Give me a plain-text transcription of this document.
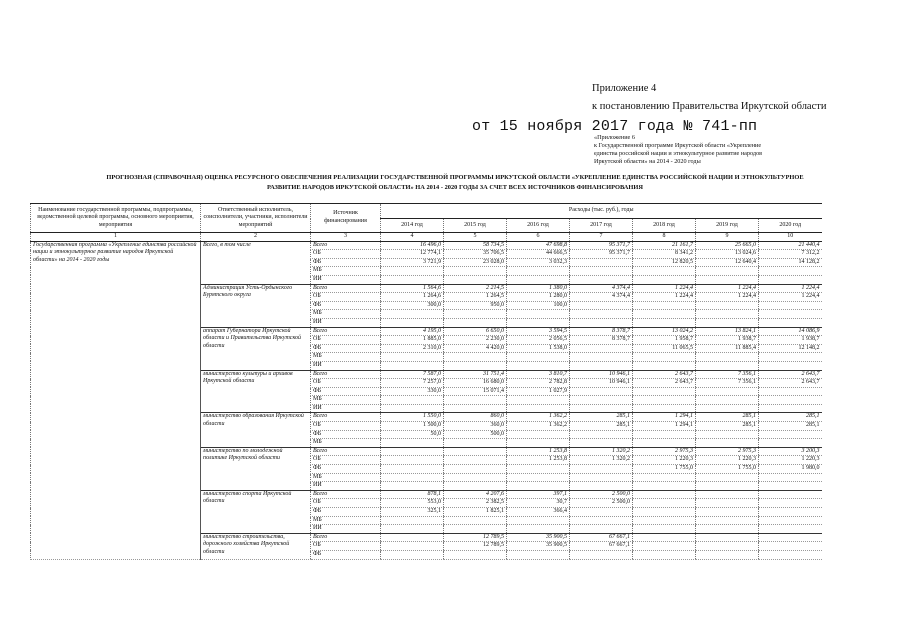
Приложение 4
к постановлению Правительства Иркутской области
от 15 ноября 2017 года № 741-пп
«Приложение 6
к Государственной программе Иркутской области «Укрепление
единства российской нации и этнокультурное развитие народов
Иркутской области» на 2014 - 2020 годы
ПРОГНОЗНАЯ (СПРАВОЧНАЯ) ОЦЕНКА РЕСУРСНОГО ОБЕСПЕЧЕНИЯ РЕАЛИЗАЦИИ ГОСУДАРСТВЕННОЙ ПРОГРАММЫ ИРКУТСКОЙ ОБЛАСТИ «УКРЕПЛЕНИЕ ЕДИНСТВА РОССИЙСКОЙ НАЦИИ И ЭТНОКУЛЬТУРНОЕ
РАЗВИТИЕ НАРОДОВ ИРКУТСКОЙ ОБЛАСТИ» НА 2014 - 2020 ГОДЫ ЗА СЧЕТ ВСЕХ ИСТОЧНИКОВ ФИНАНСИРОВАНИЯ
Наименование государственной программы, подпрограммы, ведомственной целевой программы, основного мероприятия, мероприятия	Ответственный исполнитель, соисполнители, участники, исполнители мероприятий	Источник финансирования	Расходы (тыс. руб.), годы						
			2014 год	2015 год	2016 год	2017 год	2018 год	2019 год	2020 год
1	2	3	4	5	6	7	8	9	10
Государственная программа «Укрепление единства российской нации и этнокультурное развитие народов Иркутской области» на 2014 - 2020 годы	Всего, в том числе	Всего	16 496,0	58 734,5	47 698,8	95 371,7	21 161,7	25 665,0	21 440,4
		ОБ	12 774,1	35 706,5	44 666,5	95 371,7	8 341,2	13 024,6	7 312,2
		ФБ	3 721,9	23 028,0	3 032,3		12 820,5	12 640,4	14 128,2
		МБ							
		ИИ							
	Администрация Усть-Ордынского Бурятского округа	Всего	1 564,6	2 214,5	1 380,0	4 374,4	1 224,4	1 224,4	1 224,4
		ОБ	1 264,6	1 264,5	1 280,0	4 374,4	1 224,4	1 224,4	1 224,4
		ФБ	300,0	950,0	100,0				
		МБ							
		ИИ							
	аппарат Губернатора Иркутской области и Правительства Иркутской области	Всего	4 195,0	6 650,0	3 594,5	8 378,7	13 024,2	13 824,1	14 086,9
		ОБ	1 885,0	2 230,0	2 056,5	8 378,7	1 958,7	1 938,7	1 938,7
		ФБ	2 310,0	4 420,0	1 538,0		11 065,5	11 885,4	12 148,2
		МБ							
		ИИ							
	министерство культуры и архивов Иркутской области	Всего	7 587,0	31 751,4	3 810,7	10 946,1	2 643,7	7 356,1	2 643,7
		ОБ	7 257,0	16 680,0	2 782,8	10 946,1	2 643,7	7 356,1	2 643,7
		ФБ	330,0	15 071,4	1 027,9				
		МБ							
		ИИ							
	министерство образования Иркутской области	Всего	1 550,0	860,0	1 362,2	285,1	1 294,1	285,1	285,1
		ОБ	1 500,0	360,0	1 362,2	285,1	1 294,1	285,1	285,1
		ФБ	50,0	500,0					
		МБ							
	министерство по молодежной политике Иркутской области	Всего			1 253,8	1 320,2	2 975,3	2 975,3	3 200,3
		ОБ			1 253,8	1 320,2	1 220,3	1 220,3	1 220,3
		ФБ					1 755,0	1 755,0	1 980,0
		МБ							
		ИИ							
	министерство спорта Иркутской области	Всего	878,1	4 207,6	397,1	2 500,0			
		ОБ	553,0	2 382,5	30,7	2 500,0			
		ФБ	325,1	1 825,1	366,4				
		МБ							
		ИИ							
	министерство строительства, дорожного хозяйства Иркутской области	Всего		12 789,5	35 900,5	67 667,1			
		ОБ		12 789,5	35 900,5	67 667,1			
		ФБ							
